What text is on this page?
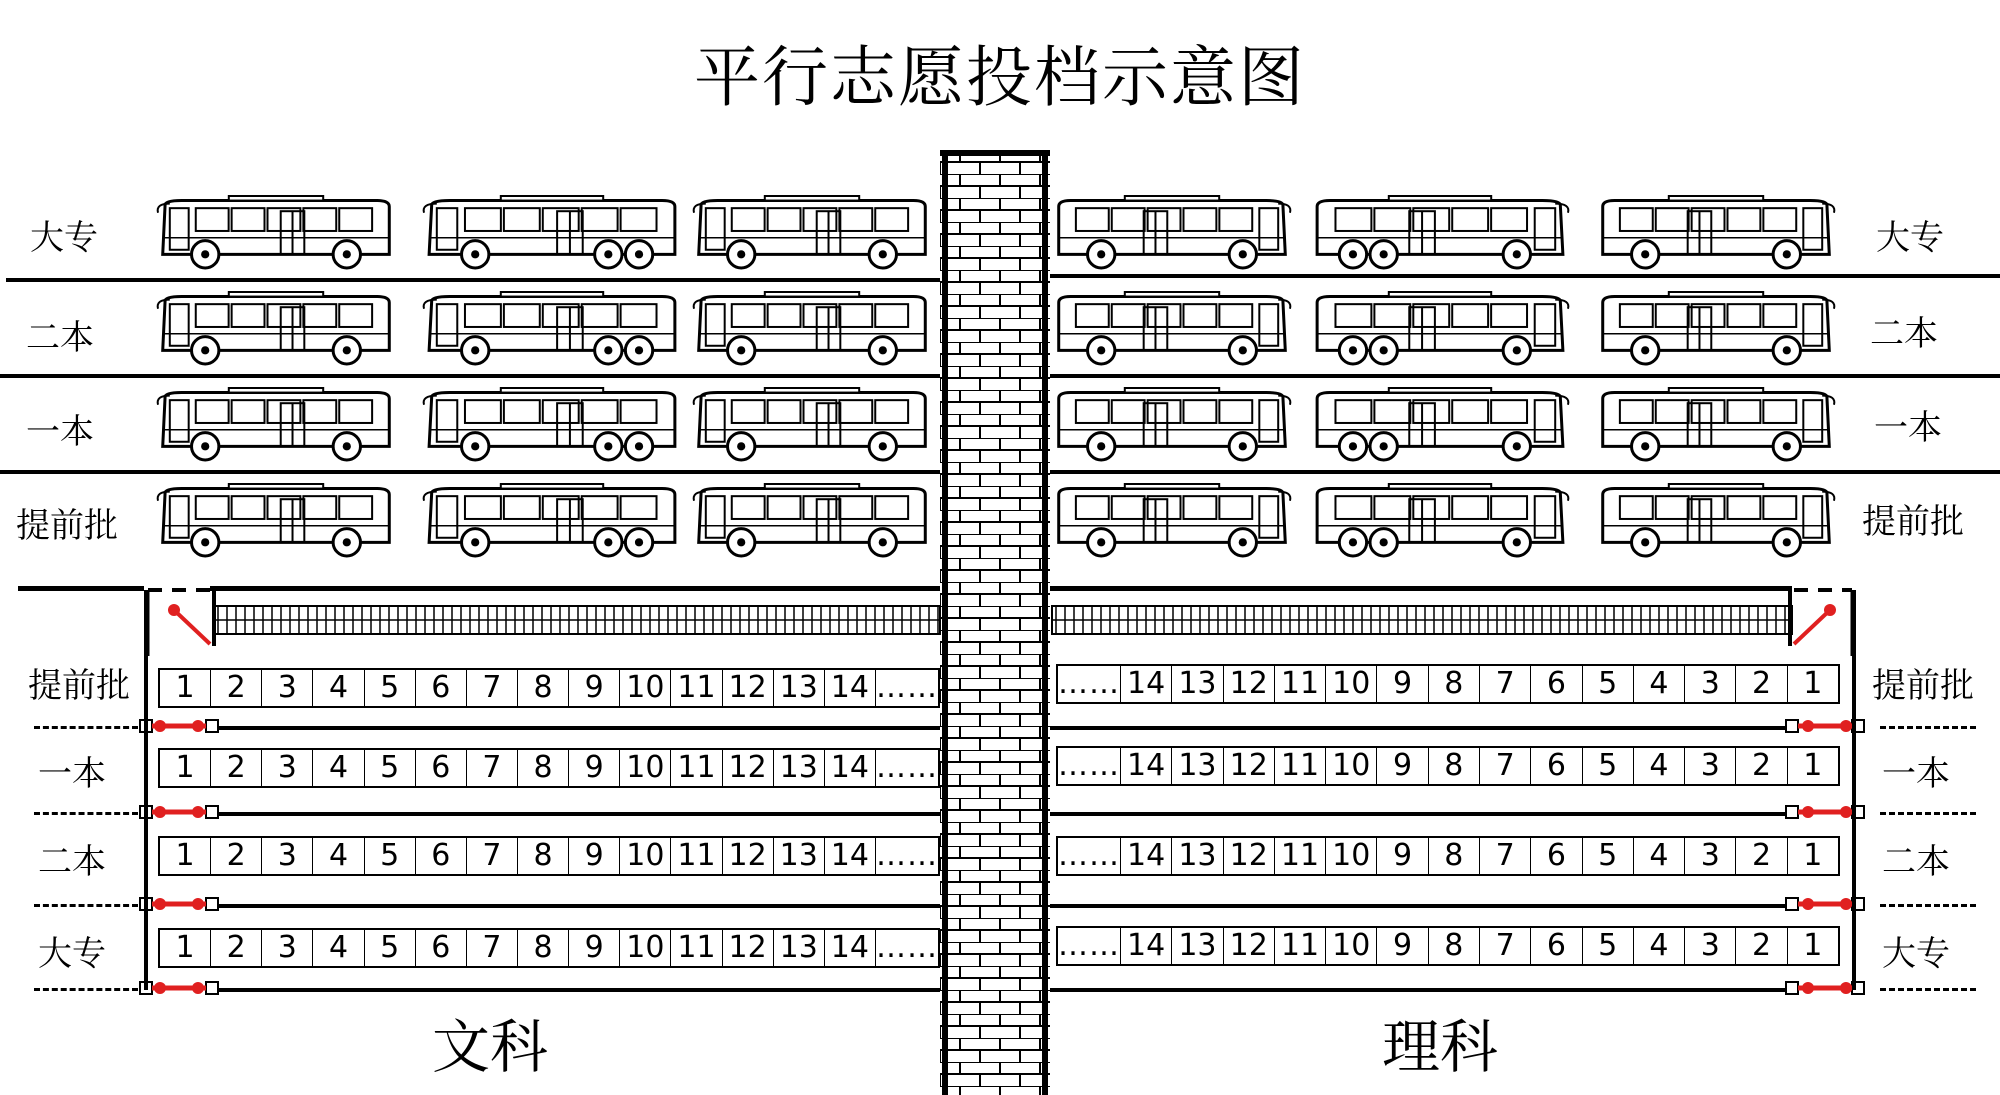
平行志愿投档示意图
大专	大专
二本	二本
一本	一本
提前批	提前批
提前批	提前批
一本	一本
二本	二本
大专	大专
1	2	3	4	5	6	7	8	9 10 11 12 13 14 ……
1	2	3	4	5	6	7	8	9 10 11 12 13 14 ……
1	2	3	4	5	6	7	8	9 10 11 12 13 14 ……
1	2	3	4	5	6	7	8	9 10 11 12 13 14 ……
…… 14 13 12 11 10 9	8	7	6	5	4	3	2	1
…… 14 13 12 11 10 9	8	7	6	5	4	3	2	1
…… 14 13 12 11 10 9	8	7	6	5	4	3	2	1
…… 14 13 12 11 10 9	8	7	6	5	4	3	2	1
文科	理科
